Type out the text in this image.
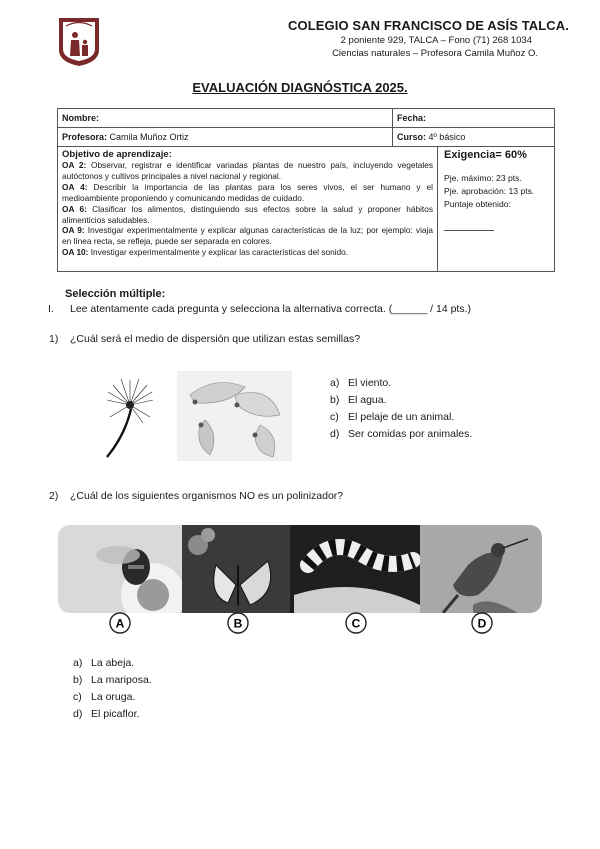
COLEGIO SAN FRANCISCO DE ASÍS TALCA.
2 poniente 929, TALCA – Fono (71) 268 1034
Ciencias naturales – Profesora Camila Muñoz O.
EVALUACIÓN DIAGNÓSTICA 2025.
Nombre:	Fecha:
Profesora: Camila Muñoz Ortiz	Curso: 4º básico
Objetivo de aprendizaje:
OA 2: Observar, registrar e identificar variadas plantas de nuestro país, incluyendo vegetales autóctonos y cultivos principales a nivel nacional y regional.
OA 4: Describir la importancia de las plantas para los seres vivos, el ser humano y el medioambiente proponiendo y comunicando medidas de cuidado.
OA 6: Clasificar los alimentos, distinguiendo sus efectos sobre la salud y proponer hábitos alimenticios saludables.
OA 9: Investigar experimentalmente y explicar algunas características de la luz; por ejemplo: viaja en línea recta, se refleja, puede ser separada en colores.
OA 10: Investigar experimentalmente y explicar las características del sonido.
Exigencia= 60%
Pje. máximo: 23 pts.
Pje. aprobación: 13 pts.
Puntaje obtenido:
Selección múltiple:
I. Lee atentamente cada pregunta y selecciona la alternativa correcta. (______ / 14 pts.)
1) ¿Cuál será el medio de dispersión que utilizan estas semillas?
a) El viento.
b) El agua.
c) El pelaje de un animal.
d) Ser comidas por animales.
2) ¿Cuál de los siguientes organismos NO es un polinizador?
A	B	C	D
a) La abeja.
b) La mariposa.
c) La oruga.
d) El picaflor.
